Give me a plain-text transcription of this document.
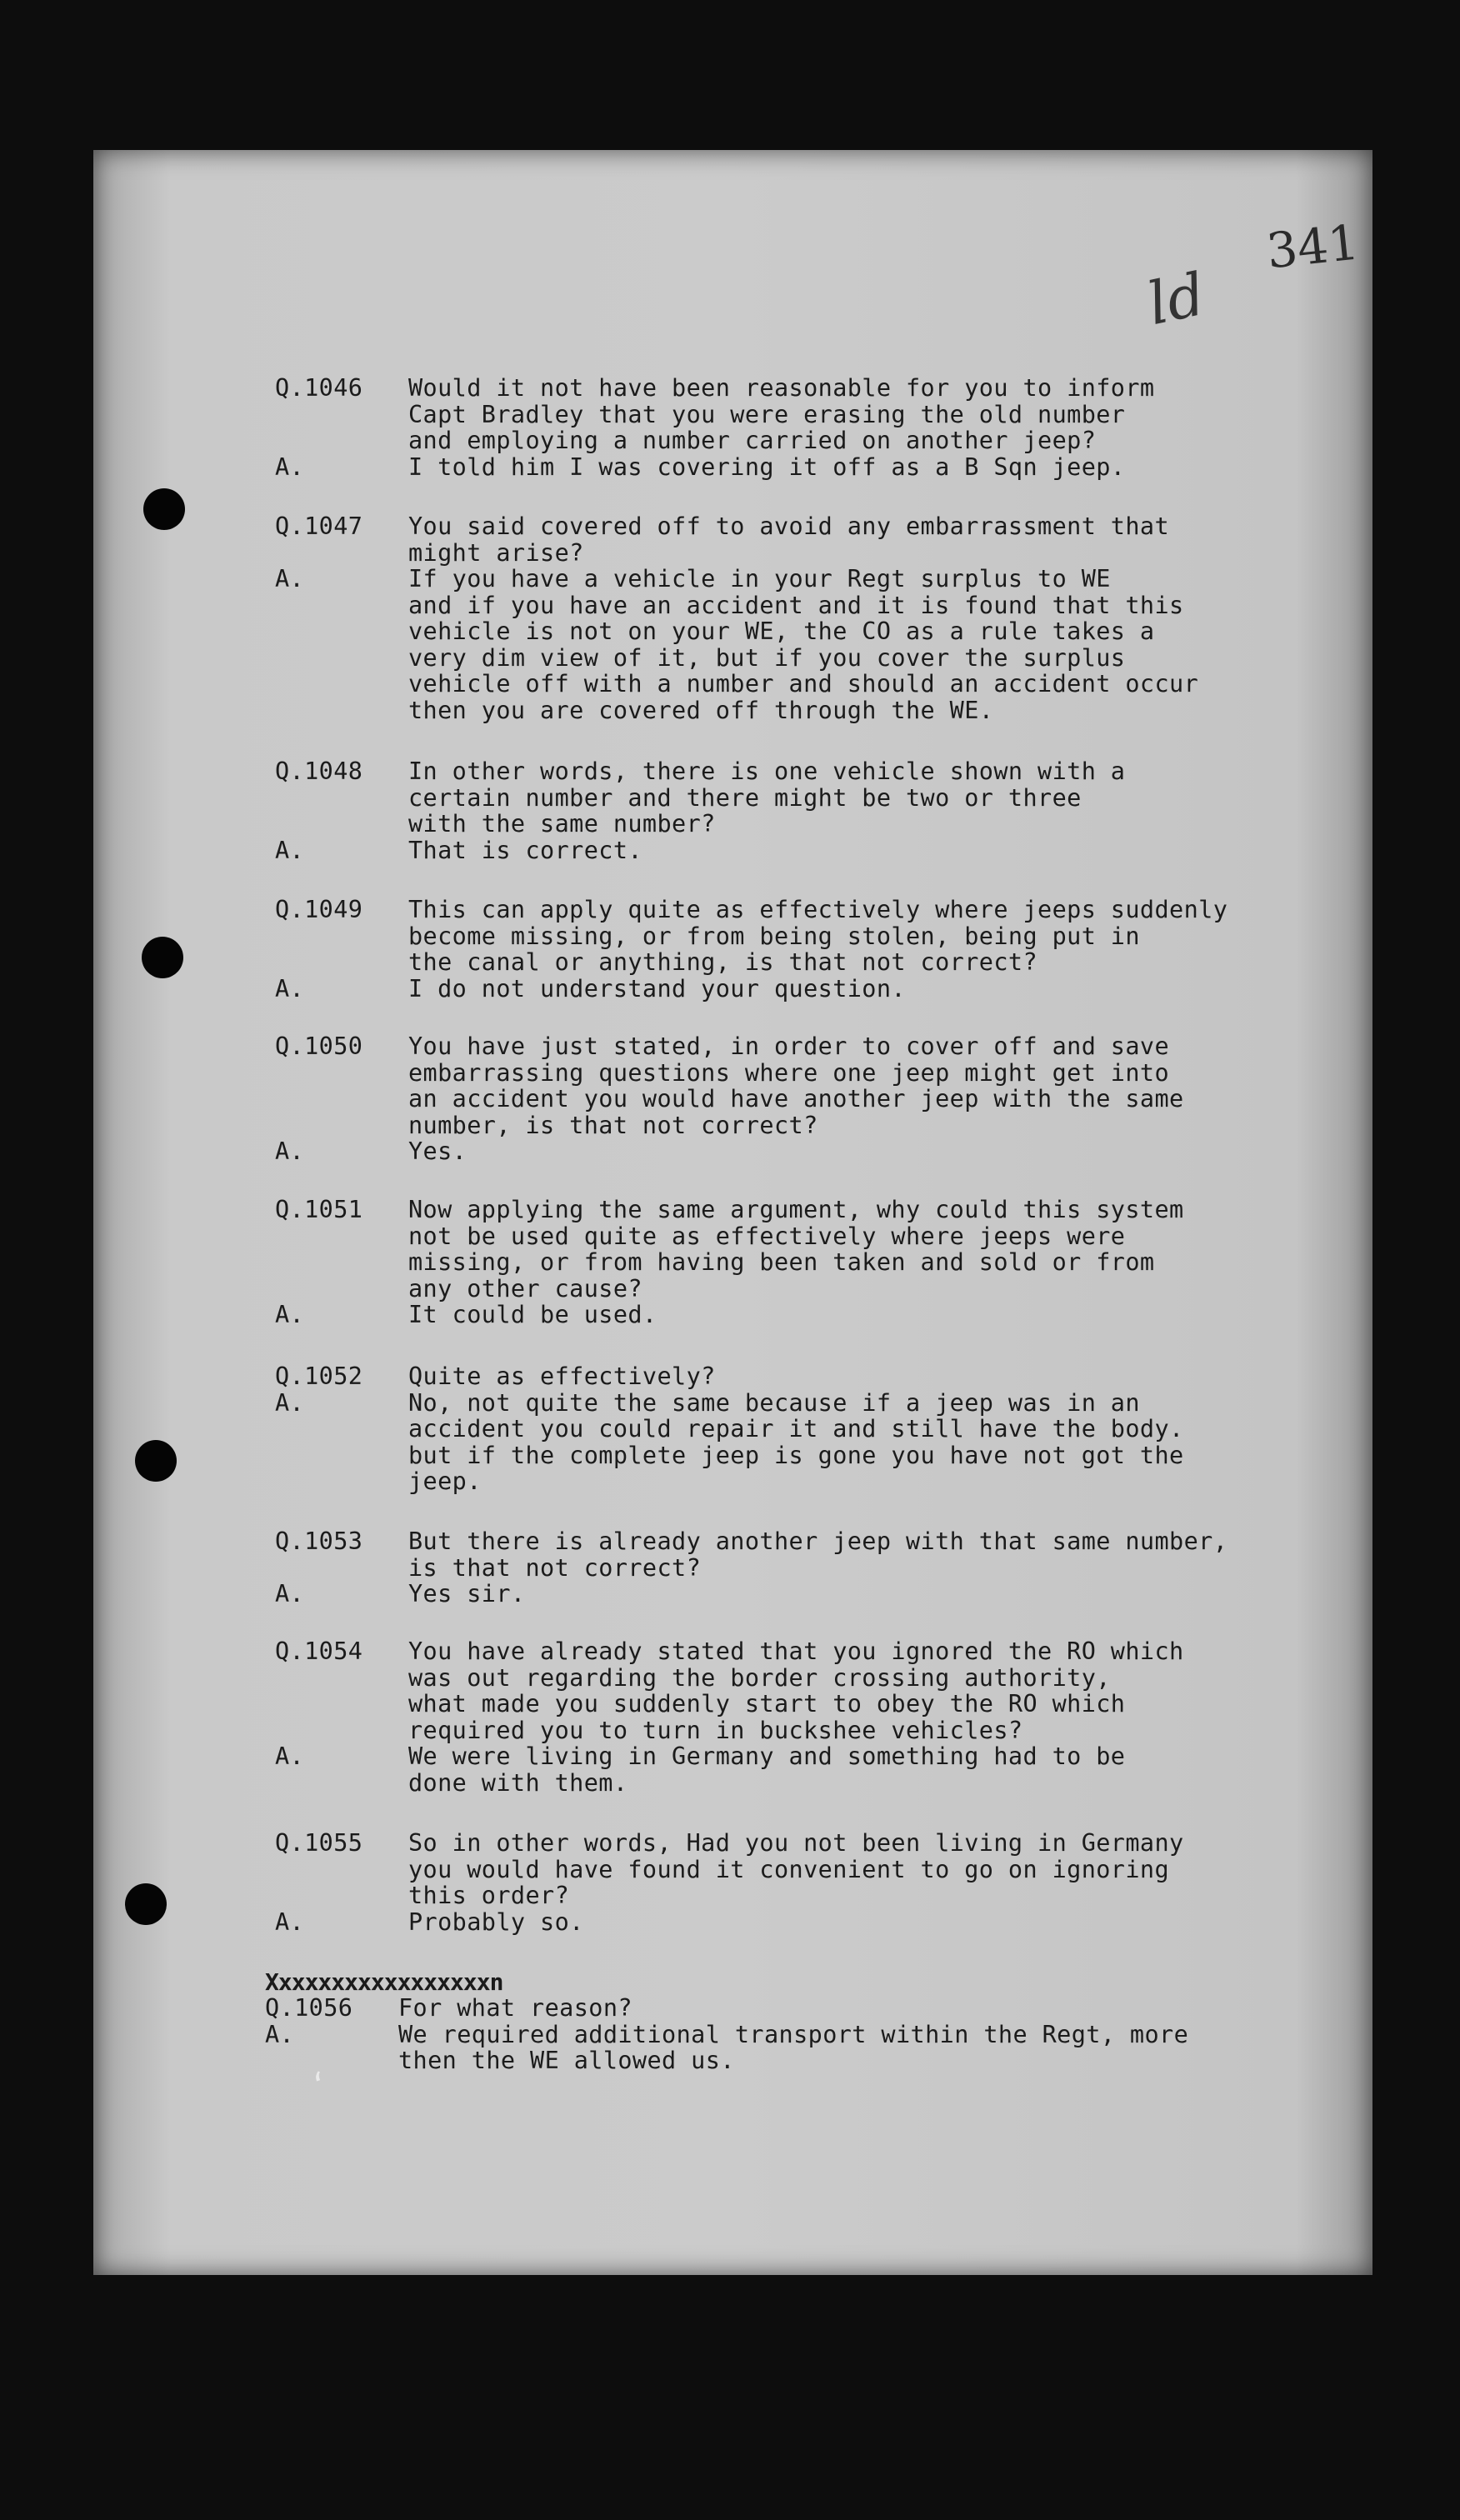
341
ld
Q.1046	Would it not have been reasonable for you to inform
Capt Bradley that you were erasing the old number
and employing a number carried on another jeep?
A.	I told him I was covering it off as a B Sqn jeep.
Q.1047	You said covered off to avoid any embarrassment that
might arise?
A.	If you have a vehicle in your Regt surplus to WE
and if you have an accident and it is found that this
vehicle is not on your WE, the CO as a rule takes a
very dim view of it, but if you cover the surplus
vehicle off with a number and should an accident occur
then you are covered off through the WE.
Q.1048	In other words, there is one vehicle shown with a
certain number and there might be two or three
with the same number?
A.	That is correct.
Q.1049	This can apply quite as effectively where jeeps suddenly
become missing, or from being stolen, being put in
the canal or anything, is that not correct?
A.	I do not understand your question.
Q.1050	You have just stated, in order to cover off and save
embarrassing questions where one jeep might get into
an accident you would have another jeep with the same
number, is that not correct?
A.	Yes.
Q.1051	Now applying the same argument, why could this system
not be used quite as effectively where jeeps were
missing, or from having been taken and sold or from
any other cause?
A.	It could be used.
Q.1052	Quite as effectively?
A.	No, not quite the same because if a jeep was in an
accident you could repair it and still have the body.
but if the complete jeep is gone you have not got the
jeep.
Q.1053	But there is already another jeep with that same number,
is that not correct?
A.	Yes sir.
Q.1054	You have already stated that you ignored the RO which
was out regarding the border crossing authority,
what made you suddenly start to obey the RO which
required you to turn in buckshee vehicles?
A.	We were living in Germany and something had to be
done with them.
Q.1055	So in other words, Had you not been living in Germany
you would have found it convenient to go on ignoring
this order?
A.	Probably so.
Xxxxxxxxxxxxxxxxxn
Q.1056	For what reason?
A.	We required additional transport within the Regt, more
then the WE allowed us.
ʻ
